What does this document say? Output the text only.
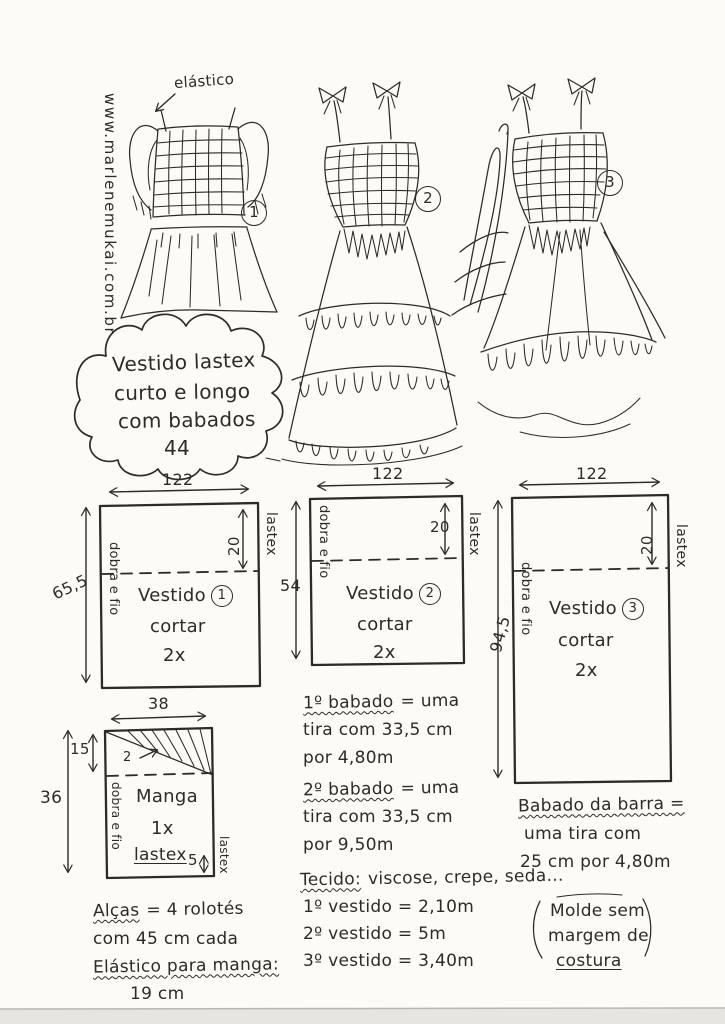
www.marlenemukai.com.br
elástico
1
2
3
Vestido lastex
curto e longo
com babados
44
122
65,5
20 lastex
dobra e fio Vestido 1
cortar
2x
122
54
20 lastex
dobra e fio
Vestido 2
cortar
2x
122
94,5
20 lastex
dobra e fio Vestido 3
cortar
2x
38
15
36
2
Manga
1x
lastex 5 lastex
dobra e fio
1º babado = uma
tira com 33,5 cm
por 4,80m
2º babado = uma
tira com 33,5 cm
por 9,50m
Tecido: viscose, crepe, seda...
1º vestido = 2,10m
2º vestido = 5m
3º vestido = 3,40m
Alças = 4 rolotés
com 45 cm cada
Elástico para manga:
19 cm
Babado da barra =
uma tira com
25 cm por 4,80m
Molde sem
margem de
costura
